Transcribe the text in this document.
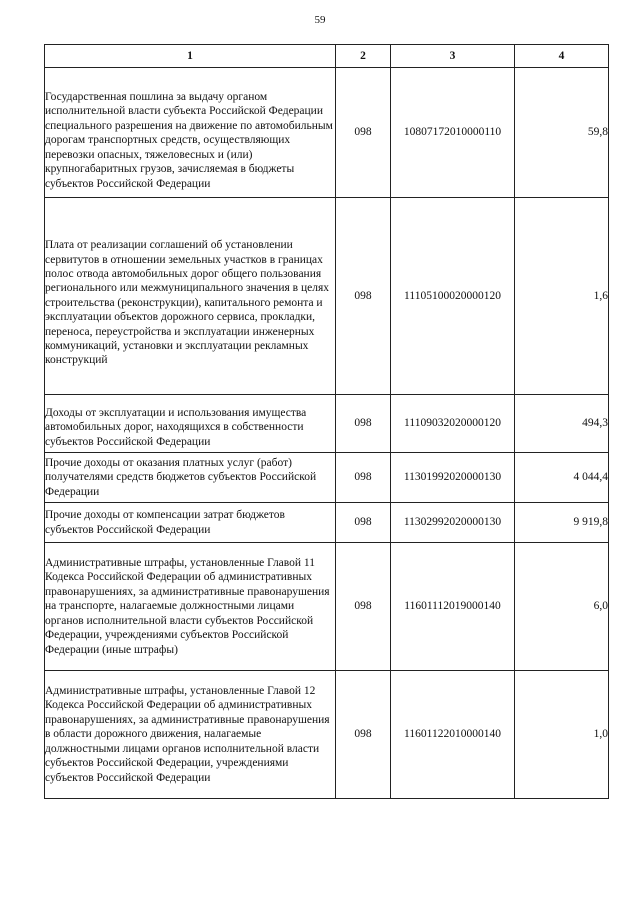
59
1	2	3	4
Государственная пошлина за выдачу органом исполнительной власти субъекта Российской Федерации специального разрешения на движение по автомобильным дорогам транспортных средств, осуществляющих перевозки опасных, тяжеловесных и (или) крупногабаритных грузов, зачисляемая в бюджеты субъектов Российской Федерации	098	10807172010000110	59,8
Плата от реализации соглашений об установлении сервитутов в отношении земельных участков в границах полос отвода автомобильных дорог общего пользования регионального или межмуниципального значения в целях строительства (реконструкции), капитального ремонта и эксплуатации объектов дорожного сервиса, прокладки, переноса, переустройства и эксплуатации инженерных коммуникаций, установки и эксплуатации рекламных конструкций	098	11105100020000120	1,6
Доходы от эксплуатации и использования имущества автомобильных дорог, находящихся в собственности субъектов Российской Федерации	098	11109032020000120	494,3
Прочие доходы от оказания платных услуг (работ) получателями средств бюджетов субъектов Российской Федерации	098	11301992020000130	4 044,4
Прочие доходы от компенсации затрат бюджетов субъектов Российской Федерации	098	11302992020000130	9 919,8
Административные штрафы, установленные Главой 11 Кодекса Российской Федерации об административных правонарушениях, за административные правонарушения на транспорте, налагаемые должностными лицами органов исполнительной власти субъектов Российской Федерации, учреждениями субъектов Российской Федерации (иные штрафы)	098	11601112019000140	6,0
Административные штрафы, установленные Главой 12 Кодекса Российской Федерации об административных правонарушениях, за административные правонарушения в области дорожного движения, налагаемые должностными лицами органов исполнительной власти субъектов Российской Федерации, учреждениями субъектов Российской Федерации	098	11601122010000140	1,0
